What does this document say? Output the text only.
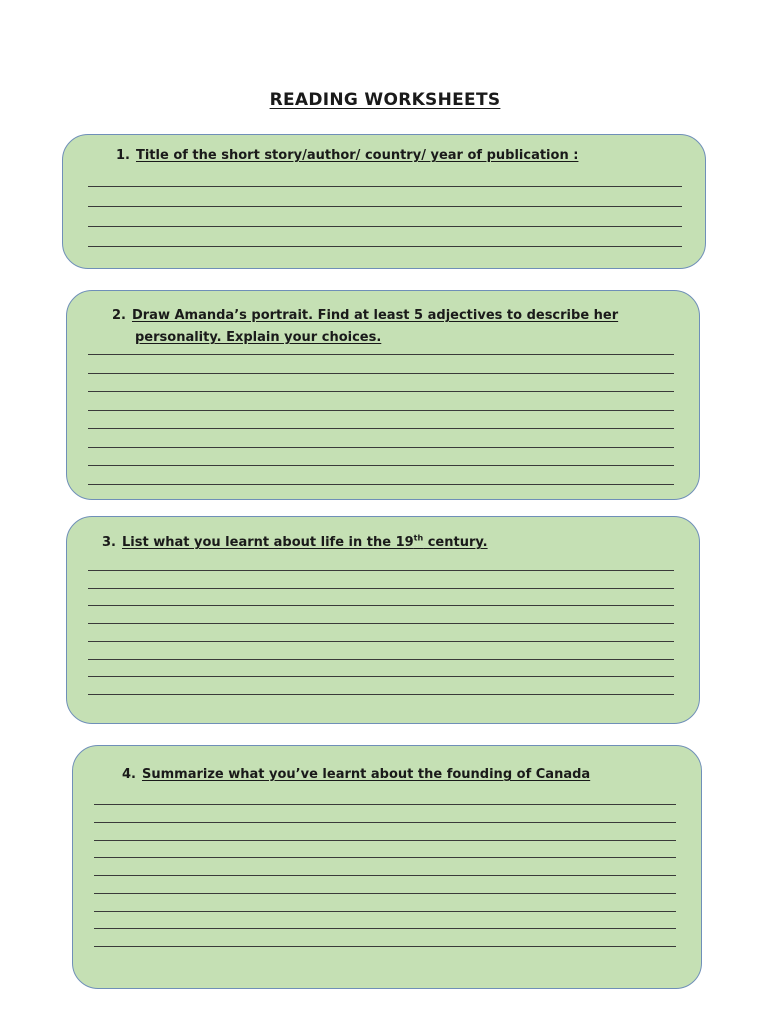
READING WORKSHEETS

1. Title of the short story/author/ country/ year of publication :

2. Draw Amanda’s portrait. Find at least 5 adjectives to describe her personality. Explain your choices.

3. List what you learnt about life in the 19th century.

4. Summarize what you’ve learnt about the founding of Canada
